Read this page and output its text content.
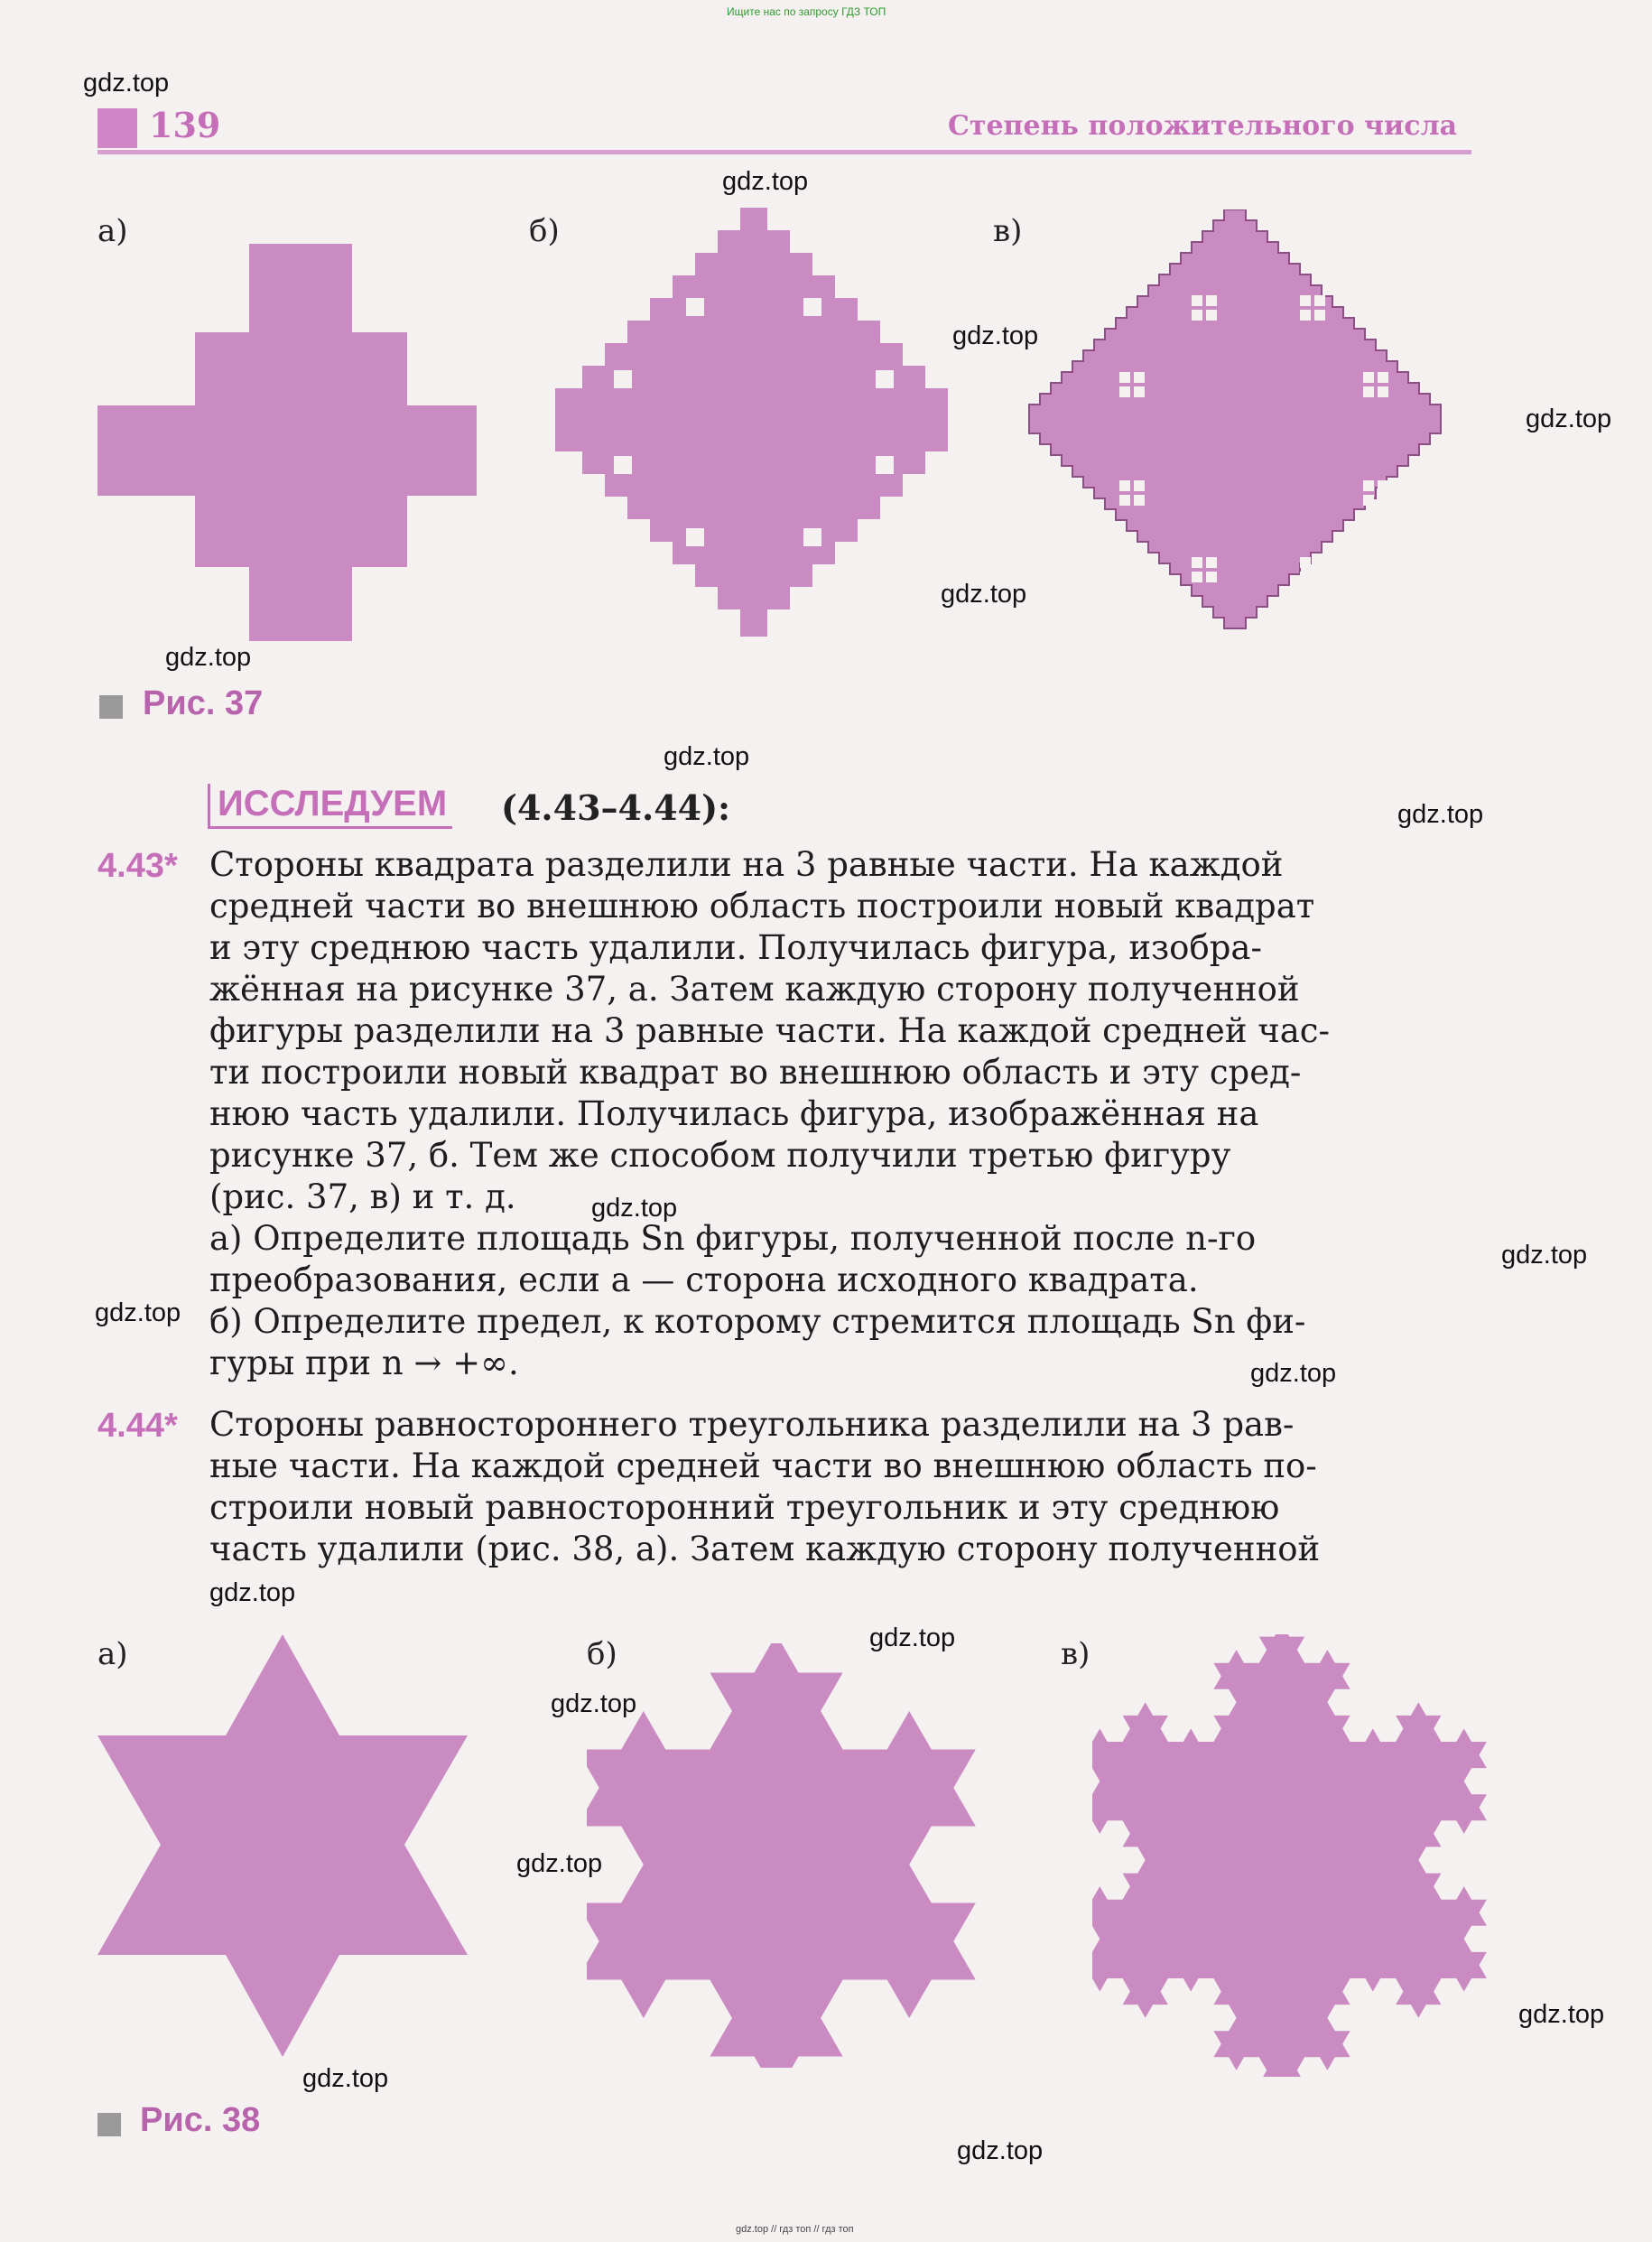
Ищите нас по запросу ГДЗ ТОП
gdz.top // гдз топ // гдз топ
139	Степень положительного числа
а)	б)	в)
Рис. 37
ИССЛЕДУЕМ (4.43–4.44):
4.43* Стороны квадрата разделили на 3 равные части. На каждой
средней части во внешнюю область построили новый квадрат
и эту среднюю часть удалили. Получилась фигура, изобра-
жённая на рисунке 37, а. Затем каждую сторону полученной
фигуры разделили на 3 равные части. На каждой средней час-
ти построили новый квадрат во внешнюю область и эту сред-
нюю часть удалили. Получилась фигура, изображённая на
рисунке 37, б. Тем же способом получили третью фигуру
(рис. 37, в) и т. д.
а) Определите площадь Sn фигуры, полученной после n-го
преобразования, если a — сторона исходного квадрата.
б) Определите предел, к которому стремится площадь Sn фи-
гуры при n → +∞.
4.44* Стороны равностороннего треугольника разделили на 3 рав-
ные части. На каждой средней части во внешнюю область по-
строили новый равносторонний треугольник и эту среднюю
часть удалили (рис. 38, а). Затем каждую сторону полученной
а)	б)	в)
Рис. 38
gdz.top
gdz.top
gdz.top
gdz.top
gdz.top
gdz.top
gdz.top
gdz.top
gdz.top
gdz.top
gdz.top
gdz.top
gdz.top
gdz.top
gdz.top
gdz.top
gdz.top
gdz.top
gdz.top
